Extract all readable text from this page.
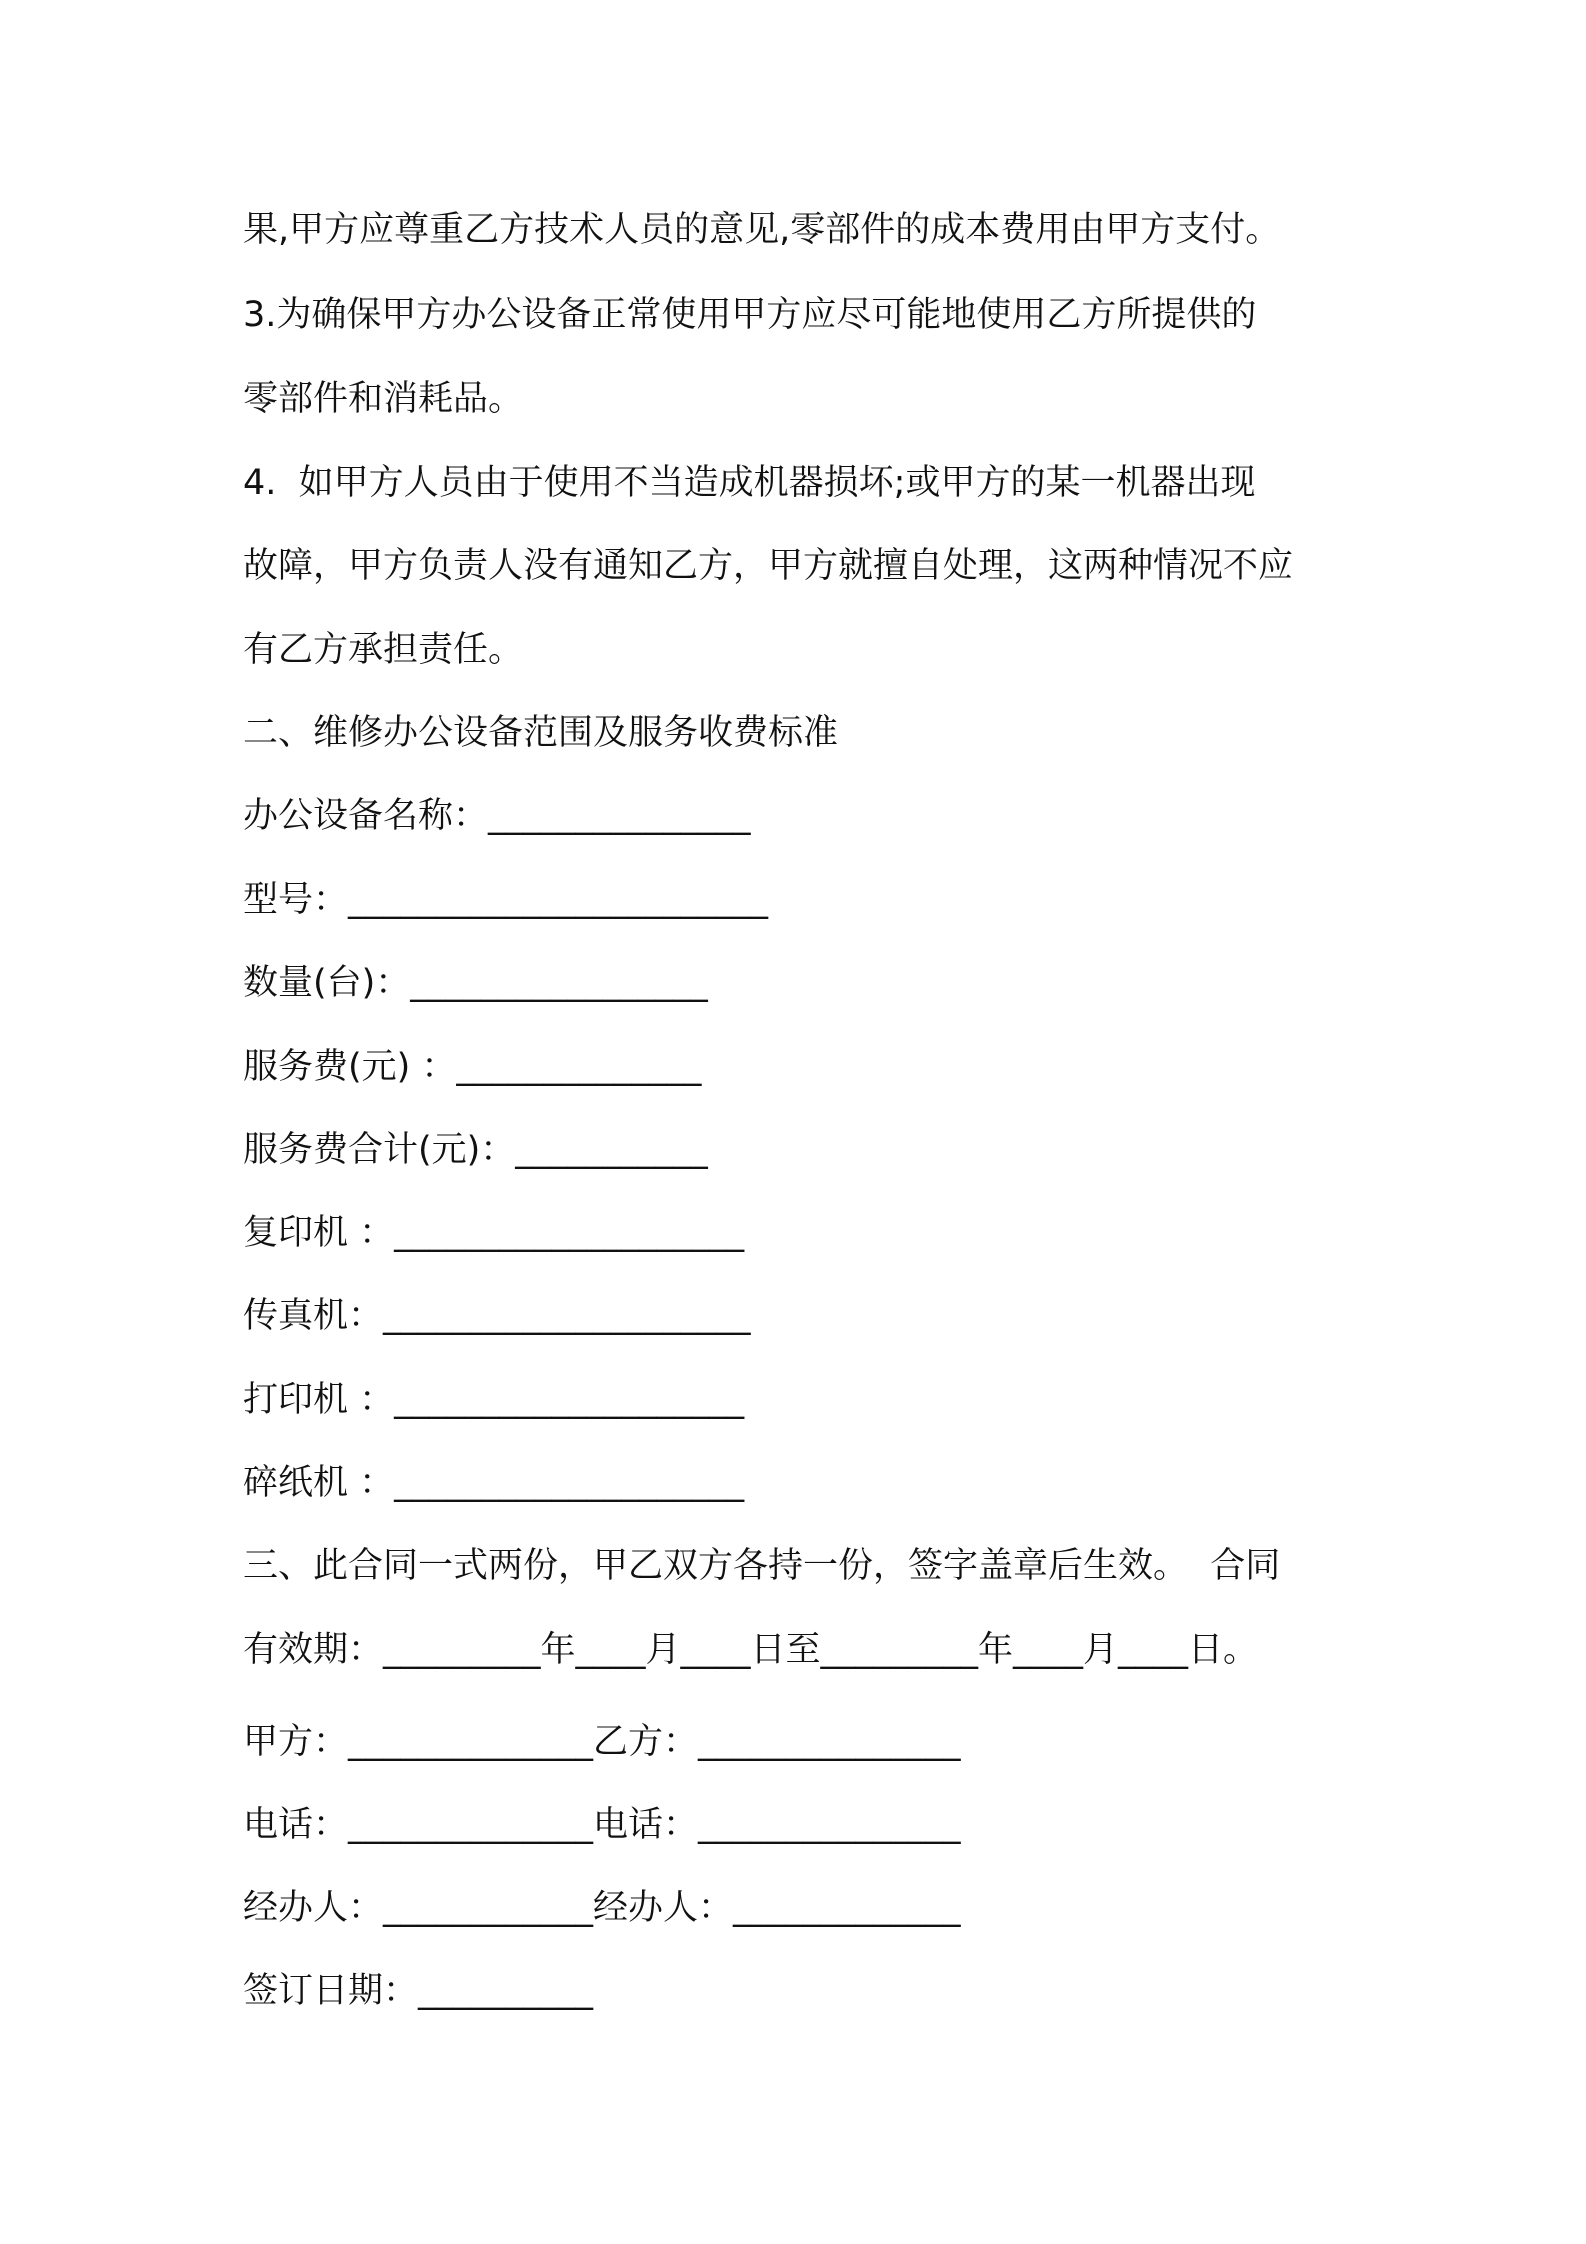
果,甲方应尊重乙方技术人员的意见,零部件的成本费用由甲方支付。
3.为确保甲方办公设备正常使用甲方应尽可能地使用乙方所提供的
零部件和消耗品。
4.  如甲方人员由于使用不当造成机器损坏;或甲方的某一机器出现
故障，甲方负责人没有通知乙方，甲方就擅自处理，这两种情况不应
有乙方承担责任。
二、维修办公设备范围及服务收费标准
办公设备名称：_______________
型号：________________________
数量(台)：_________________
服务费(元) ：______________
服务费合计(元)：___________
复印机 ：____________________
传真机：_____________________
打印机 ：____________________
碎纸机 ：____________________
三、此合同一式两份，甲乙双方各持一份，签字盖章后生效。  合同
有效期：_________年____月____日至_________年____月____日。
甲方：______________乙方：_______________
电话：______________电话：_______________
经办人：____________经办人：_____________
签订日期：__________
